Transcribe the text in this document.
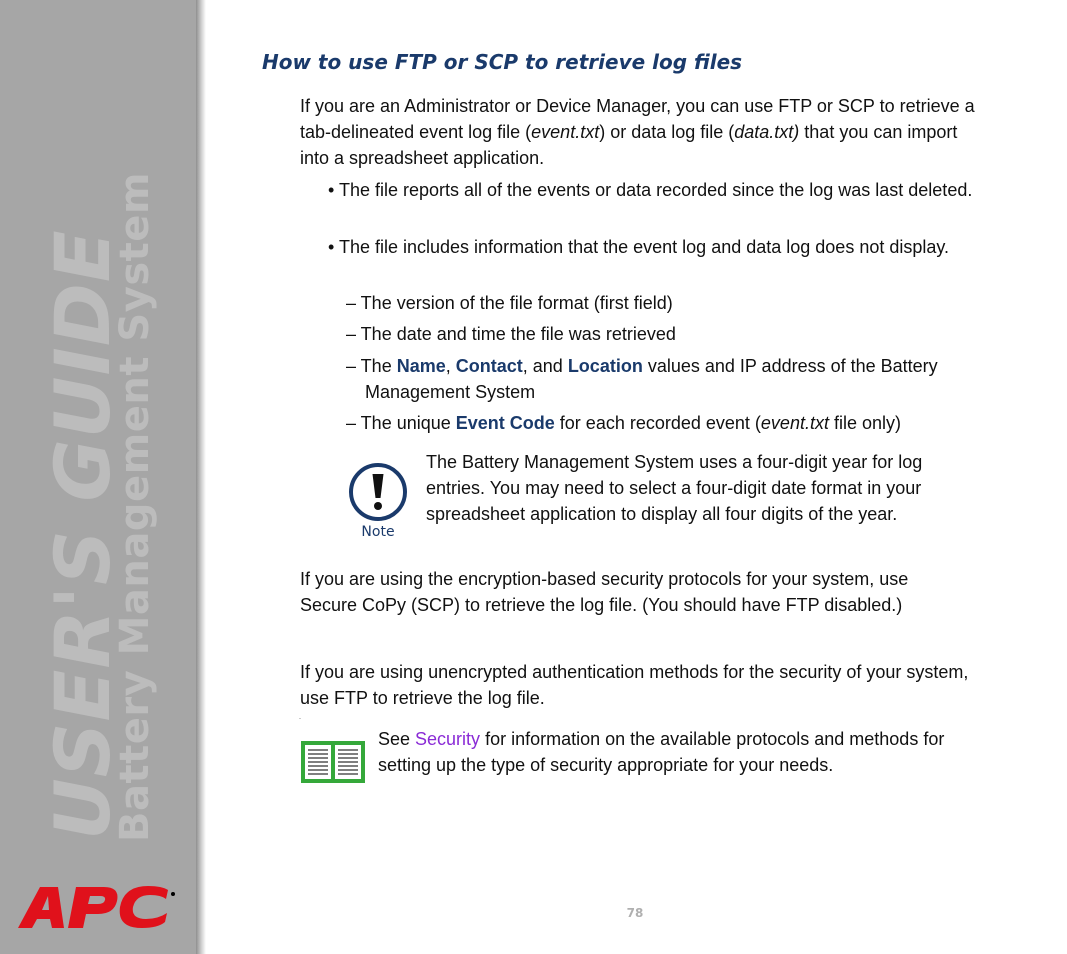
USER'S GUIDE
Battery Management System
78
How to use FTP or SCP to retrieve log files

If you are an Administrator or Device Manager, you can use FTP or SCP to retrieve a tab-delineated event log file (event.txt) or data log file (data.txt) that you can import into a spreadsheet application.

• The file reports all of the events or data recorded since the log was last deleted.

• The file includes information that the event log and data log does not display.

– The version of the file format (first field)

– The date and time the file was retrieved

– The Name, Contact, and Location values and IP address of the Battery Management System

– The unique Event Code for each recorded event (event.txt file only)

Note

The Battery Management System uses a four-digit year for log entries. You may need to select a four-digit date format in your spreadsheet application to display all four digits of the year.

If you are using the encryption-based security protocols for your system, use Secure CoPy (SCP) to retrieve the log file. (You should have FTP disabled.)

If you are using unencrypted authentication methods for the security of your system, use FTP to retrieve the log file.

-

See Security for information on the available protocols and methods for setting up the type of security appropriate for your needs.
